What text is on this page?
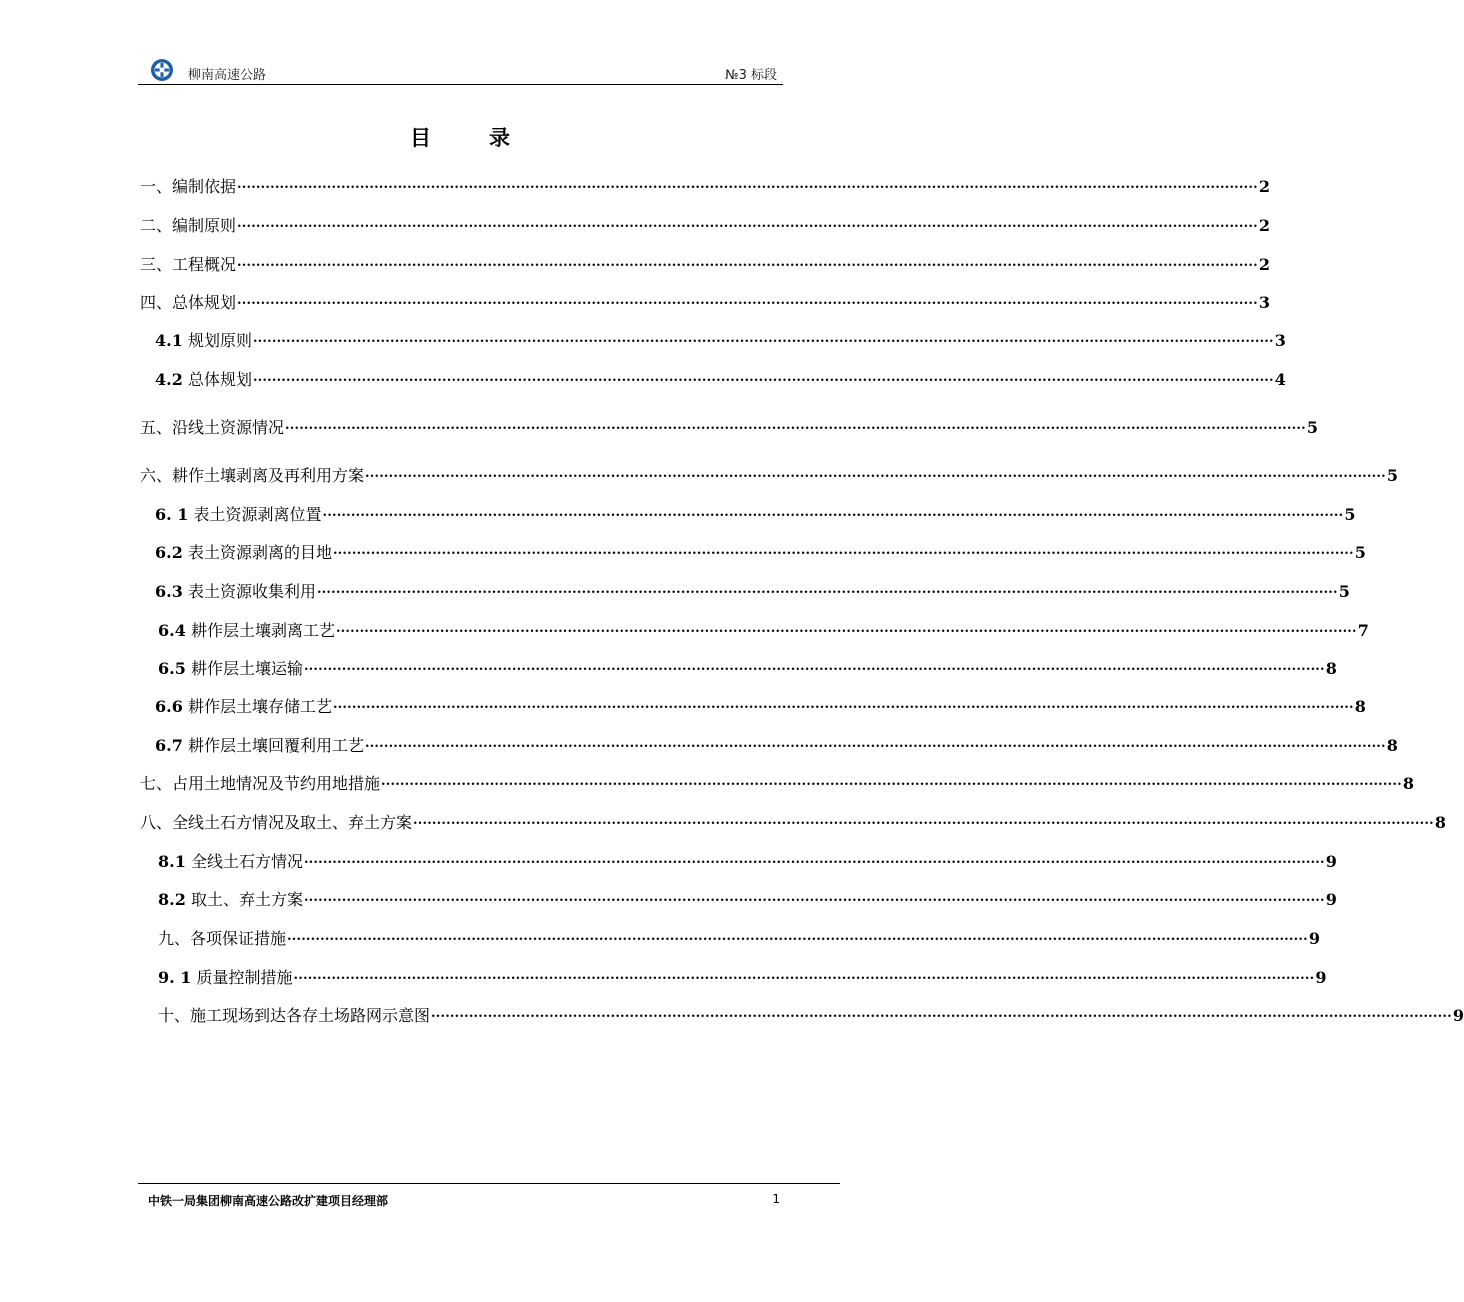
柳南高速公路	№3 标段
目录
一、编制依据 ........................................................................................................................................................................................................................ 2
二、编制原则 ........................................................................................................................................................................................................................ 2
三、工程概况 ........................................................................................................................................................................................................................ 2
四、总体规划 ........................................................................................................................................................................................................................ 3
4.1 规划原则 ........................................................................................................................................................................................................................ 3
4.2 总体规划 ........................................................................................................................................................................................................................ 4
五、沿线土资源情况 ........................................................................................................................................................................................................................ 5
六、耕作土壤剥离及再利用方案 ........................................................................................................................................................................................................................ 5
6. 1 表土资源剥离位置 ........................................................................................................................................................................................................................ 5
6.2 表土资源剥离的目地 ........................................................................................................................................................................................................................ 5
6.3 表土资源收集利用 ........................................................................................................................................................................................................................ 5
6.4 耕作层土壤剥离工艺 ........................................................................................................................................................................................................................ 7
6.5 耕作层土壤运输 ........................................................................................................................................................................................................................ 8
6.6 耕作层土壤存储工艺 ........................................................................................................................................................................................................................ 8
6.7 耕作层土壤回覆利用工艺 ........................................................................................................................................................................................................................ 8
七、占用土地情况及节约用地措施 ........................................................................................................................................................................................................................ 8
八、全线土石方情况及取土、弃土方案 ........................................................................................................................................................................................................................ 8
8.1 全线土石方情况 ........................................................................................................................................................................................................................ 9
8.2 取土、弃土方案 ........................................................................................................................................................................................................................ 9
九、各项保证措施 ........................................................................................................................................................................................................................ 9
9. 1 质量控制措施 ........................................................................................................................................................................................................................ 9
十、施工现场到达各存土场路网示意图 ........................................................................................................................................................................................................................ 9
中铁一局集团柳南高速公路改扩建项目经理部	1
